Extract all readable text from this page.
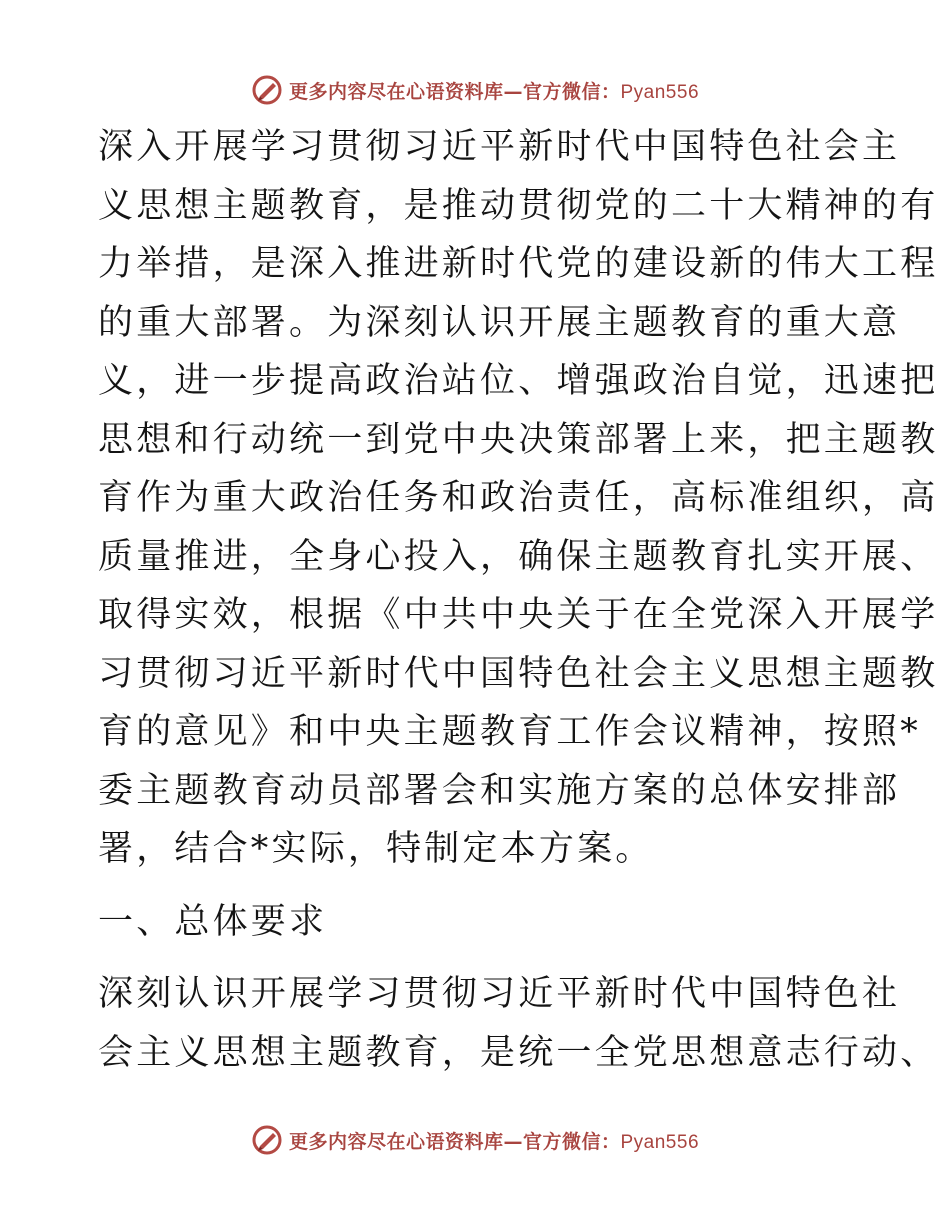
更多内容尽在心语资料库—官方微信：Pyan556
深入开展学习贯彻习近平新时代中国特色社会主
义思想主题教育，是推动贯彻党的二十大精神的有
力举措，是深入推进新时代党的建设新的伟大工程
的重大部署。为深刻认识开展主题教育的重大意
义，进一步提高政治站位、增强政治自觉，迅速把
思想和行动统一到党中央决策部署上来，把主题教
育作为重大政治任务和政治责任，高标准组织，高
质量推进，全身心投入，确保主题教育扎实开展、
取得实效，根据《中共中央关于在全党深入开展学
习贯彻习近平新时代中国特色社会主义思想主题教
育的意见》和中央主题教育工作会议精神，按照*
委主题教育动员部署会和实施方案的总体安排部
署，结合*实际，特制定本方案。
一、总体要求
深刻认识开展学习贯彻习近平新时代中国特色社
会主义思想主题教育，是统一全党思想意志行动、
更多内容尽在心语资料库—官方微信：Pyan556
